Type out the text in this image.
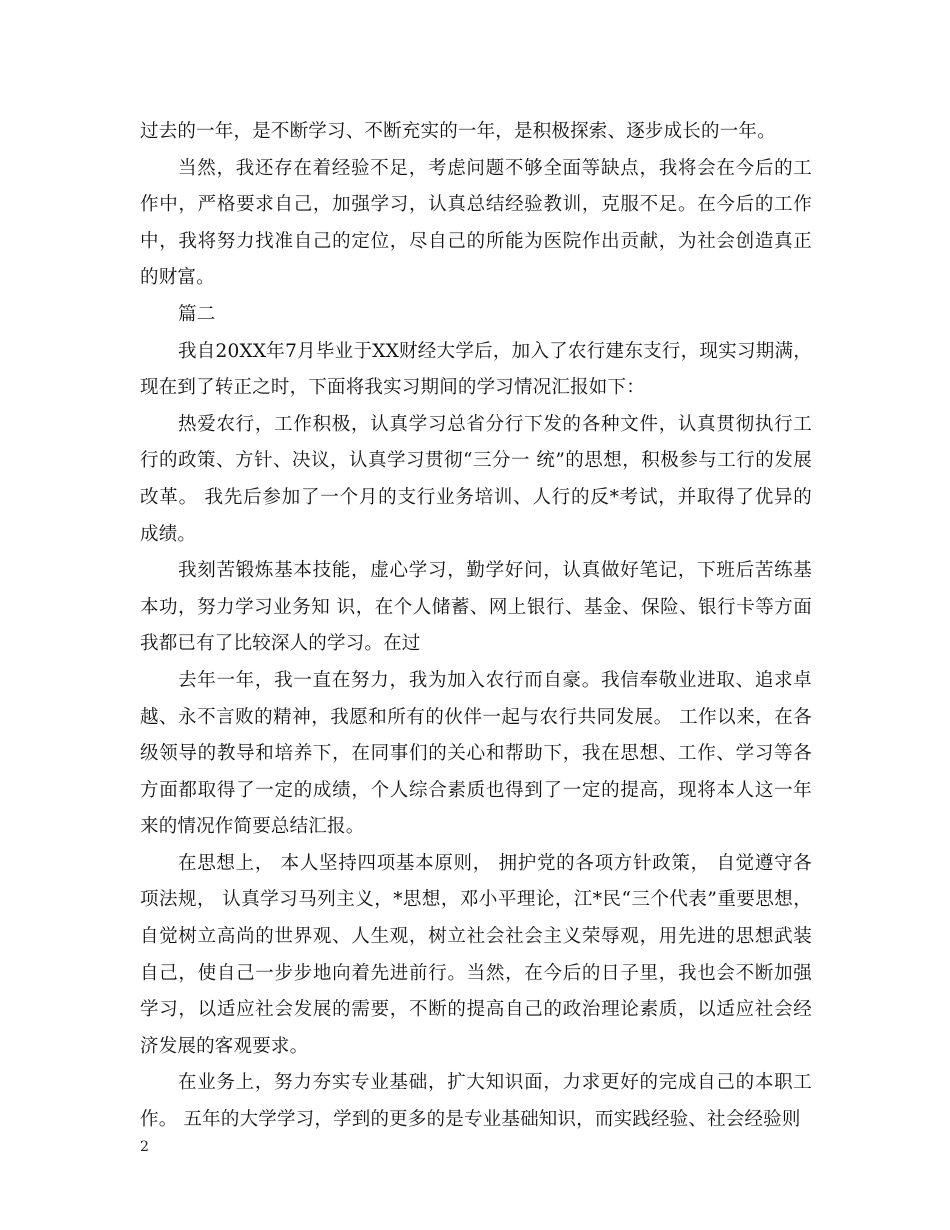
过去的一年，是不断学习、不断充实的一年，是积极探索、逐步成长的一年。

当然，我还存在着经验不足，考虑问题不够全面等缺点，我将会在今后的工作中，严格要求自己，加强学习，认真总结经验教训，克服不足。在今后的工作中，我将努力找准自己的定位，尽自己的所能为医院作出贡献，为社会创造真正的财富。

篇二

我自20XX年7月毕业于XX财经大学后，加入了农行建东支行，现实习期满，现在到了转正之时，下面将我实习期间的学习情况汇报如下：

热爱农行，工作积极，认真学习总省分行下发的各种文件，认真贯彻执行工行的政策、方针、决议，认真学习贯彻“三分一 统”的思想，积极参与工行的发展改革。 我先后参加了一个月的支行业务培训、人行的反*考试，并取得了优异的 成绩。

我刻苦锻炼基本技能，虚心学习，勤学好问，认真做好笔记，下班后苦练基本功，努力学习业务知 识，在个人储蓄、网上银行、基金、保险、银行卡等方面我都已有了比较深人的学习。在过

去年一年，我一直在努力，我为加入农行而自豪。我信奉敬业进取、追求卓越、永不言败的精神，我愿和所有的伙伴一起与农行共同发展。 工作以来，在各级领导的教导和培养下，在同事们的关心和帮助下，我在思想、工作、学习等各方面都取得了一定的成绩，个人综合素质也得到了一定的提高，现将本人这一年来的情况作简要总结汇报。

在思想上， 本人坚持四项基本原则， 拥护党的各项方针政策， 自觉遵守各项法规， 认真学习马列主义，*思想，邓小平理论，江*民“三个代表”重要思想， 自觉树立高尚的世界观、人生观，树立社会社会主义荣辱观，用先进的思想武装自己，使自己一步步地向着先进前行。当然，在今后的日子里，我也会不断加强学习，以适应社会发展的需要，不断的提高自己的政治理论素质，以适应社会经济发展的客观要求。

在业务上，努力夯实专业基础，扩大知识面，力求更好的完成自己的本职工作。 五年的大学学习，学到的更多的是专业基础知识，而实践经验、社会经验则

2
